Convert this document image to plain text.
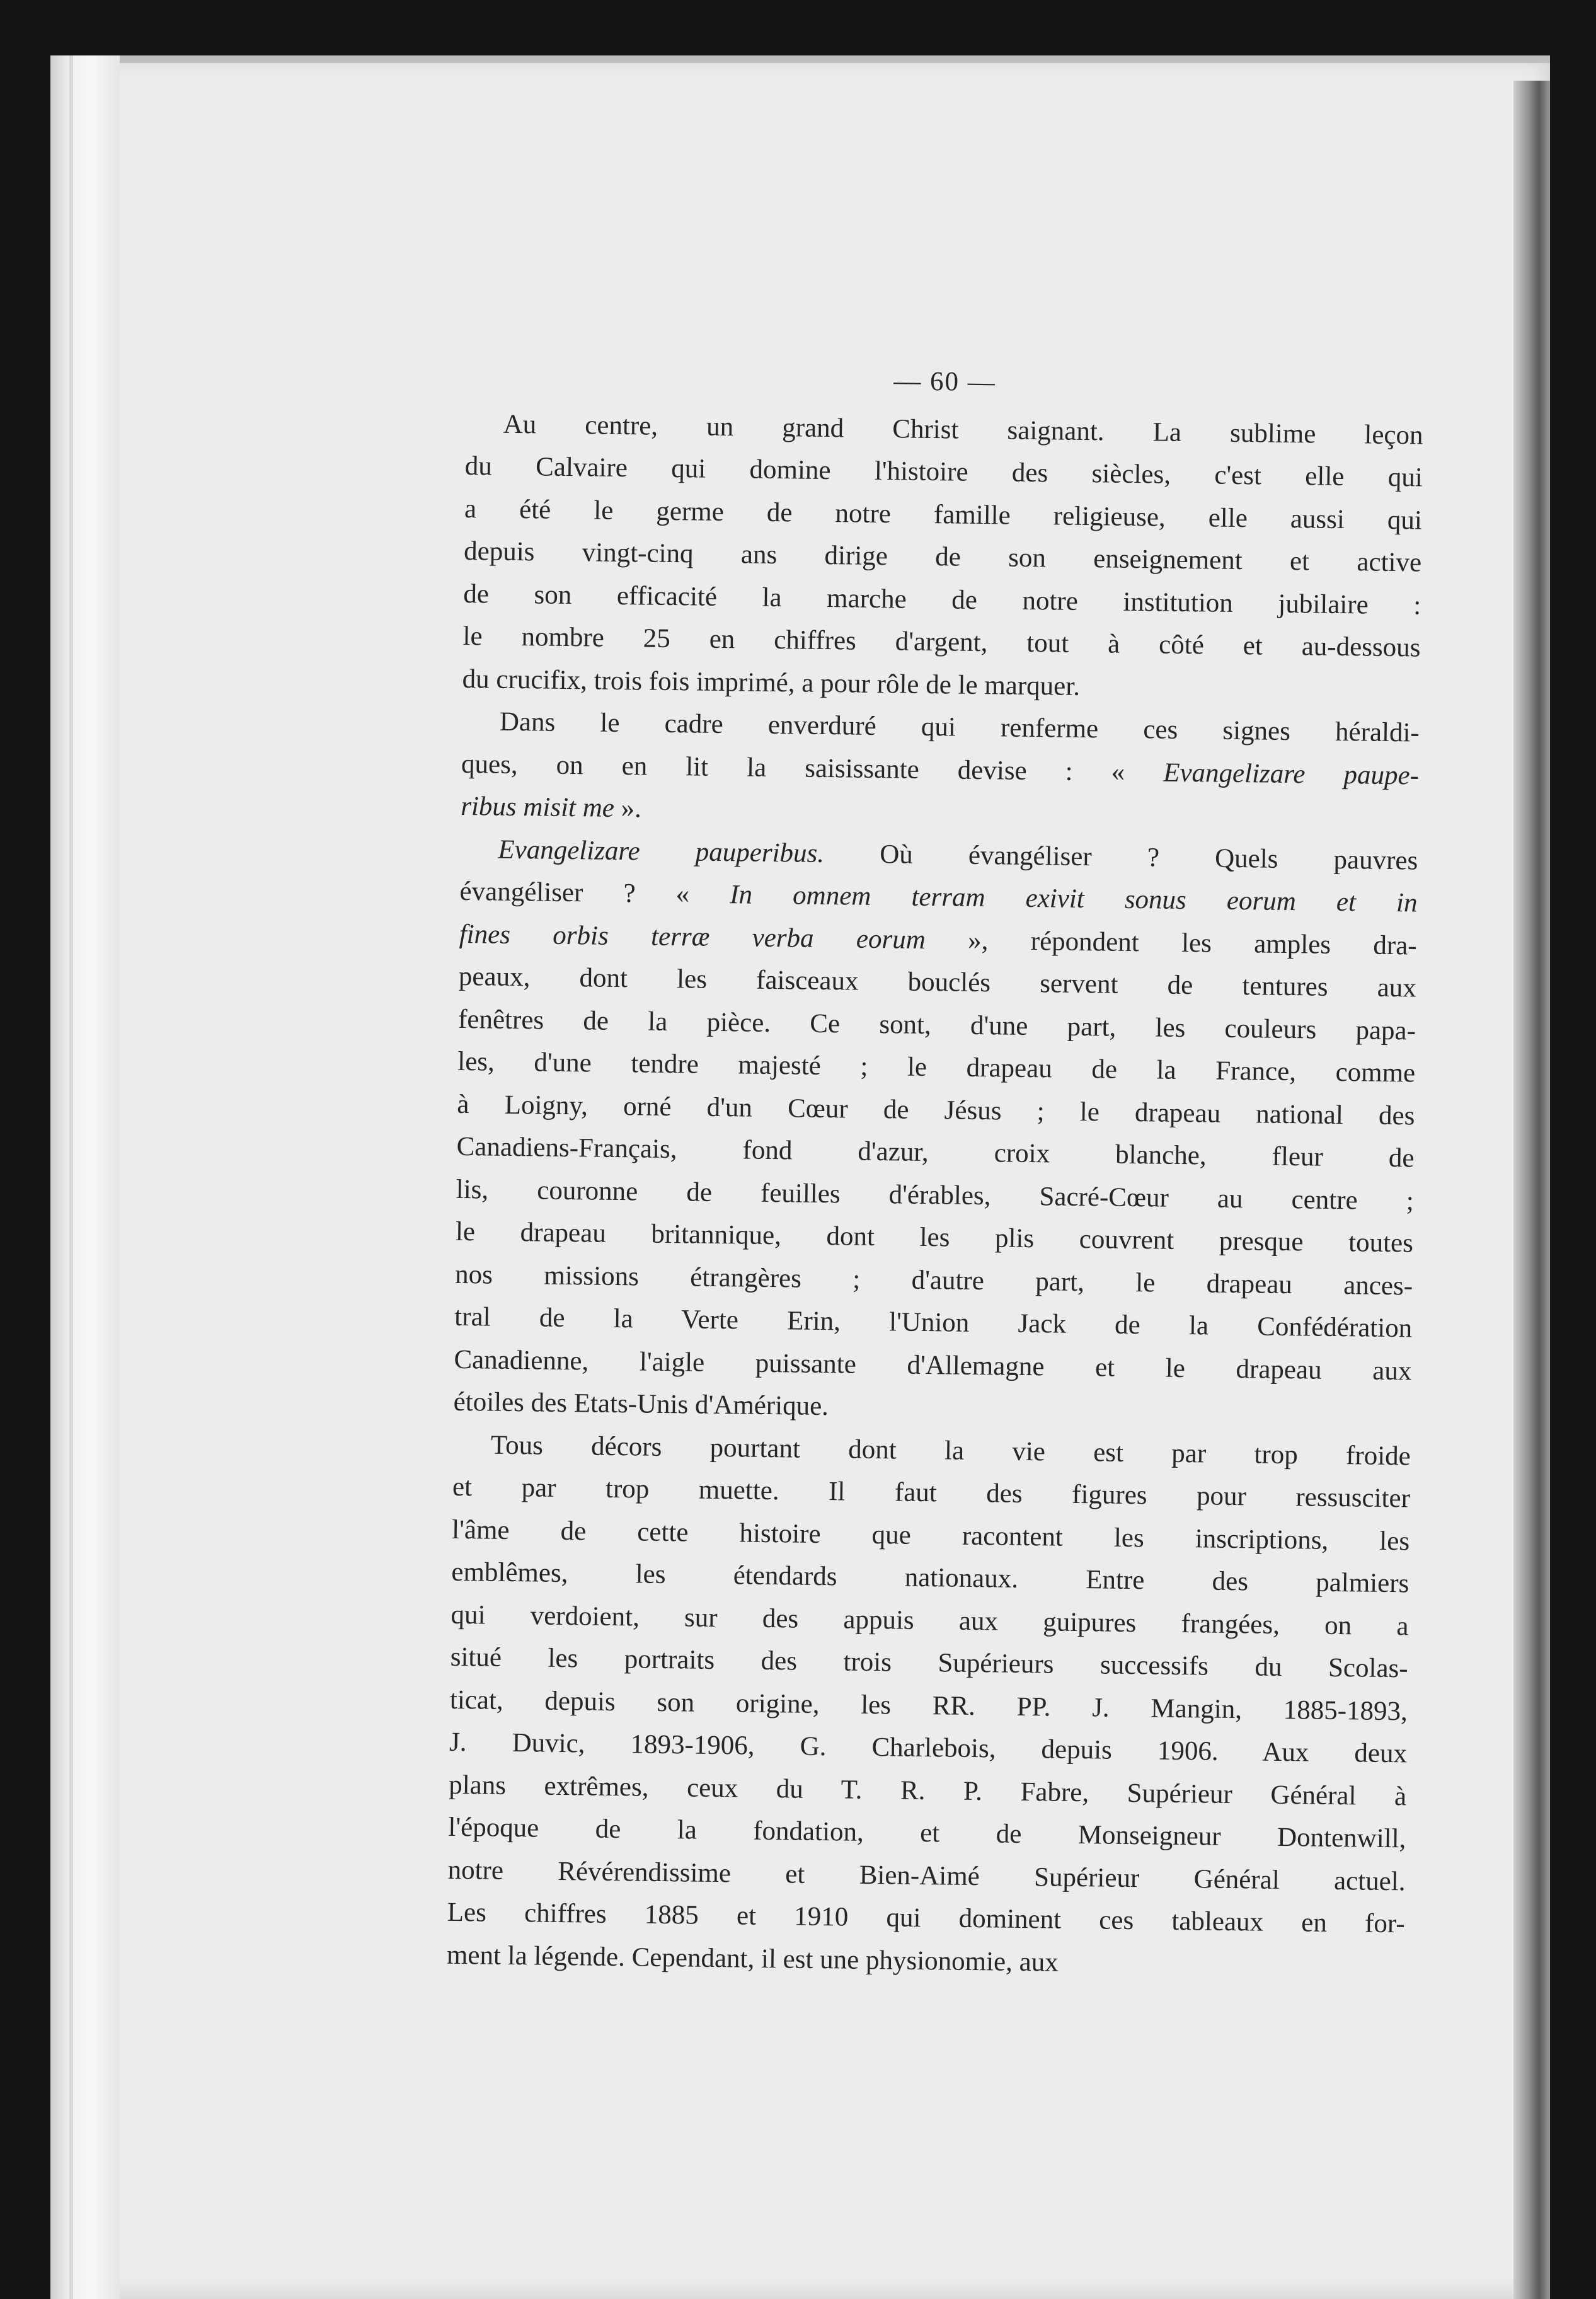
— 60 —
Au centre, un grand Christ saignant. La sublime leçon
du Calvaire qui domine l'histoire des siècles, c'est elle qui
a été le germe de notre famille religieuse, elle aussi qui
depuis vingt-cinq ans dirige de son enseignement et active
de son efficacité la marche de notre institution jubilaire :
le nombre 25 en chiffres d'argent, tout à côté et au-dessous
du crucifix, trois fois imprimé, a pour rôle de le marquer.
Dans le cadre enverduré qui renferme ces signes héraldi-
ques, on en lit la saisissante devise : « Evangelizare paupe-
ribus misit me ».
Evangelizare pauperibus. Où évangéliser ? Quels pauvres
évangéliser ? « In omnem terram exivit sonus eorum et in
fines orbis terræ verba eorum », répondent les amples dra-
peaux, dont les faisceaux bouclés servent de tentures aux
fenêtres de la pièce. Ce sont, d'une part, les couleurs papa-
les, d'une tendre majesté ; le drapeau de la France, comme
à Loigny, orné d'un Cœur de Jésus ; le drapeau national des
Canadiens-Français, fond d'azur, croix blanche, fleur de
lis, couronne de feuilles d'érables, Sacré-Cœur au centre ;
le drapeau britannique, dont les plis couvrent presque toutes
nos missions étrangères ; d'autre part, le drapeau ances-
tral de la Verte Erin, l'Union Jack de la Confédération
Canadienne, l'aigle puissante d'Allemagne et le drapeau aux
étoiles des Etats-Unis d'Amérique.
Tous décors pourtant dont la vie est par trop froide
et par trop muette. Il faut des figures pour ressusciter
l'âme de cette histoire que racontent les inscriptions, les
emblêmes, les étendards nationaux. Entre des palmiers
qui verdoient, sur des appuis aux guipures frangées, on a
situé les portraits des trois Supérieurs successifs du Scolas-
ticat, depuis son origine, les RR. PP. J. Mangin, 1885-1893,
J. Duvic, 1893-1906, G. Charlebois, depuis 1906. Aux deux
plans extrêmes, ceux du T. R. P. Fabre, Supérieur Général à
l'époque de la fondation, et de Monseigneur Dontenwill,
notre Révérendissime et Bien-Aimé Supérieur Général actuel.
Les chiffres 1885 et 1910 qui dominent ces tableaux en for-
ment la légende. Cependant, il est une physionomie, aux
